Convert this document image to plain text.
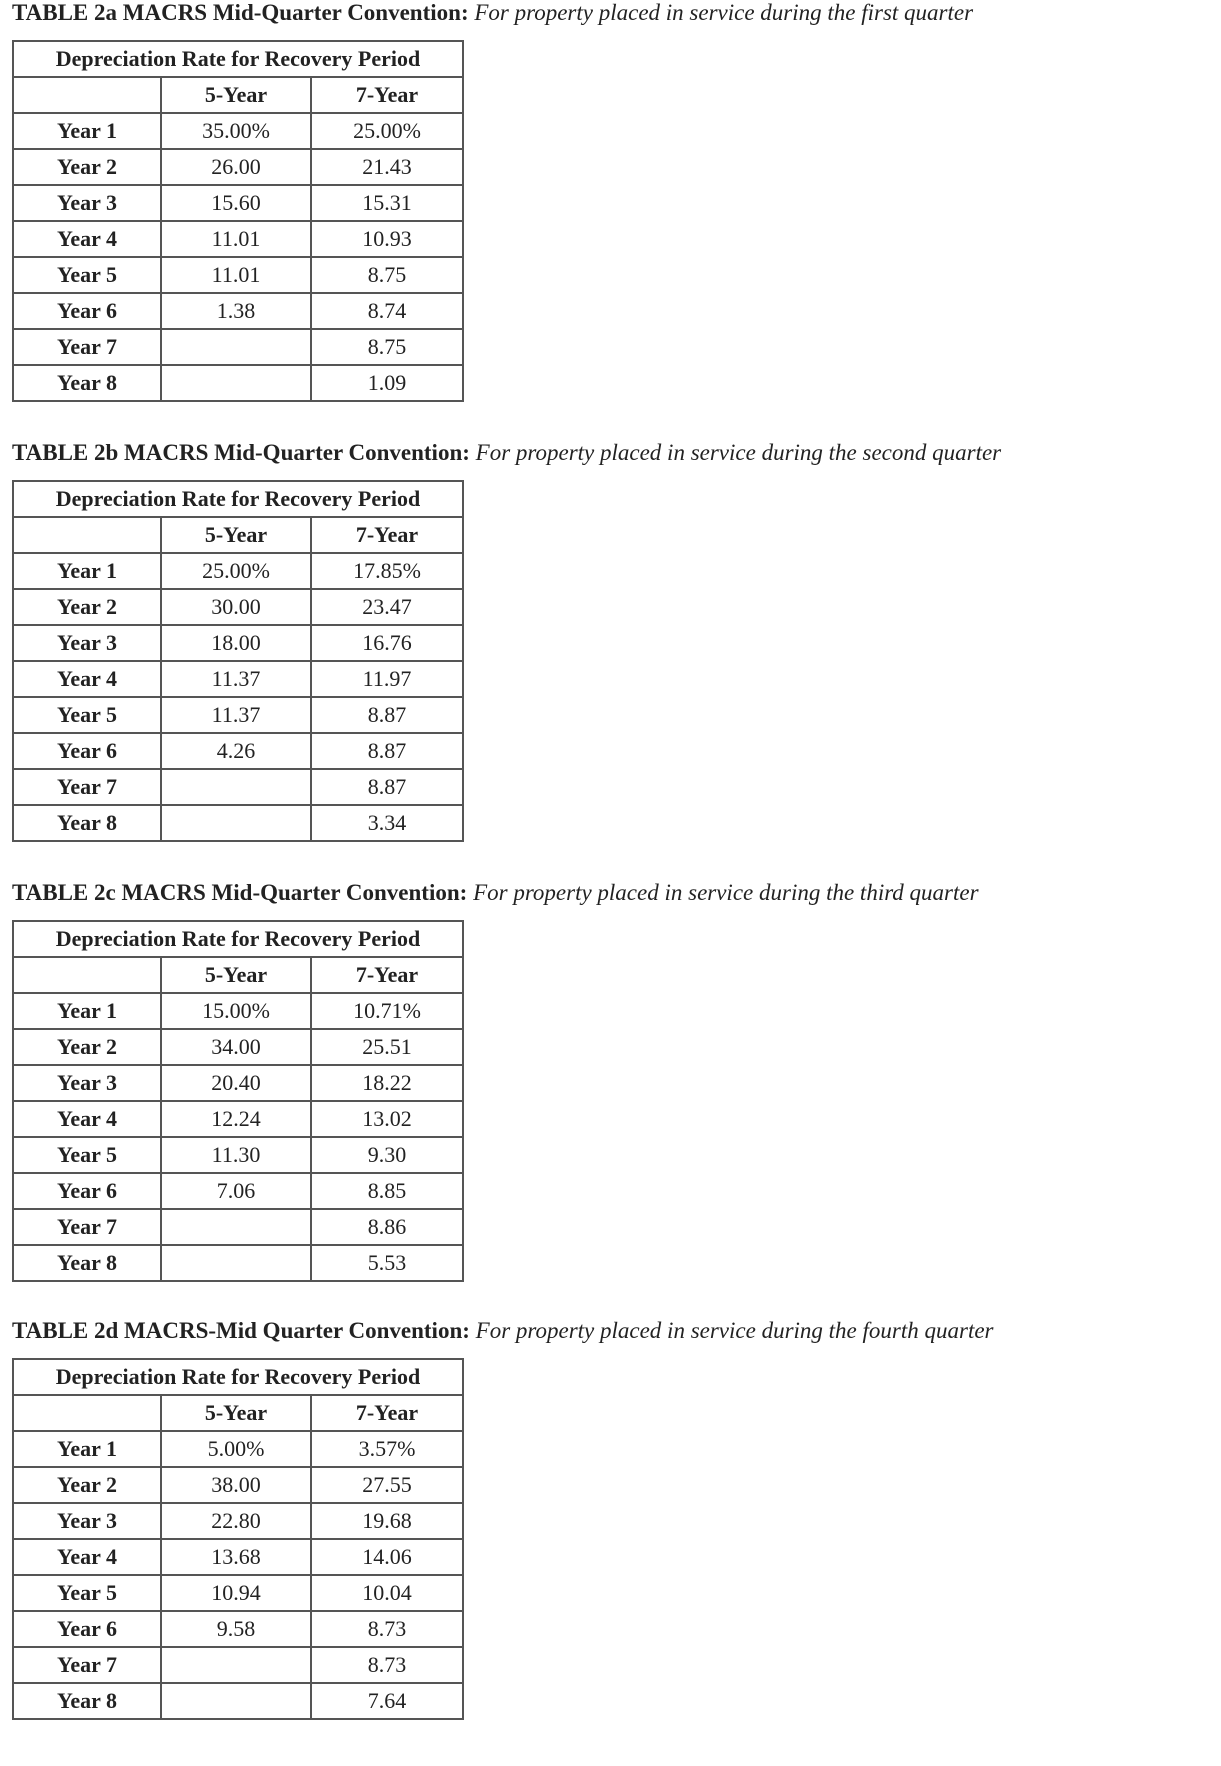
TABLE 2a MACRS Mid-Quarter Convention: For property placed in service during the first quarter
Depreciation Rate for Recovery Period		
	5-Year	7-Year
Year 1	35.00%	25.00%
Year 2	26.00	21.43
Year 3	15.60	15.31
Year 4	11.01	10.93
Year 5	11.01	8.75
Year 6	1.38	8.74
Year 7		8.75
Year 8		1.09
TABLE 2b MACRS Mid-Quarter Convention: For property placed in service during the second quarter
Depreciation Rate for Recovery Period		
	5-Year	7-Year
Year 1	25.00%	17.85%
Year 2	30.00	23.47
Year 3	18.00	16.76
Year 4	11.37	11.97
Year 5	11.37	8.87
Year 6	4.26	8.87
Year 7		8.87
Year 8		3.34
TABLE 2c MACRS Mid-Quarter Convention: For property placed in service during the third quarter
Depreciation Rate for Recovery Period		
	5-Year	7-Year
Year 1	15.00%	10.71%
Year 2	34.00	25.51
Year 3	20.40	18.22
Year 4	12.24	13.02
Year 5	11.30	9.30
Year 6	7.06	8.85
Year 7		8.86
Year 8		5.53
TABLE 2d MACRS-Mid Quarter Convention: For property placed in service during the fourth quarter
Depreciation Rate for Recovery Period		
	5-Year	7-Year
Year 1	5.00%	3.57%
Year 2	38.00	27.55
Year 3	22.80	19.68
Year 4	13.68	14.06
Year 5	10.94	10.04
Year 6	9.58	8.73
Year 7		8.73
Year 8		7.64
